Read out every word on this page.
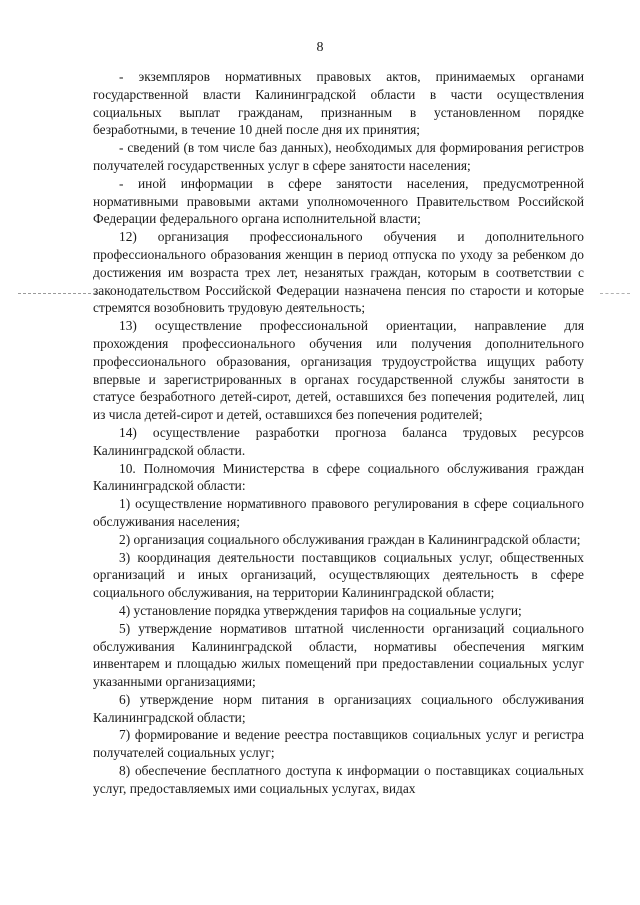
8

- экземпляров нормативных правовых актов, принимаемых органами государственной власти Калининградской области в части осуществления социальных выплат гражданам, признанным в установленном порядке безработными, в течение 10 дней после дня их принятия;

- сведений (в том числе баз данных), необходимых для формирования регистров получателей государственных услуг в сфере занятости населения;

- иной информации в сфере занятости населения, предусмотренной нормативными правовыми актами уполномоченного Правительством Российской Федерации федерального органа исполнительной власти;

12) организация профессионального обучения и дополнительного профессионального образования женщин в период отпуска по уходу за ребенком до достижения им возраста трех лет, незанятых граждан, которым в соответствии с законодательством Российской Федерации назначена пенсия по старости и которые стремятся возобновить трудовую деятельность;

13) осуществление профессиональной ориентации, направление для прохождения профессионального обучения или получения дополнительного профессионального образования, организация трудоустройства ищущих работу впервые и зарегистрированных в органах государственной службы занятости в статусе безработного детей-сирот, детей, оставшихся без попечения родителей, лиц из числа детей-сирот и детей, оставшихся без попечения родителей;

14) осуществление разработки прогноза баланса трудовых ресурсов Калининградской области.

10. Полномочия Министерства в сфере социального обслуживания граждан Калининградской области:

1) осуществление нормативного правового регулирования в сфере социального обслуживания населения;

2) организация социального обслуживания граждан в Калининградской области;

3) координация деятельности поставщиков социальных услуг, общественных организаций и иных организаций, осуществляющих деятельность в сфере социального обслуживания, на территории Калининградской области;

4) установление порядка утверждения тарифов на социальные услуги;

5) утверждение нормативов штатной численности организаций социального обслуживания Калининградской области, нормативы обеспечения мягким инвентарем и площадью жилых помещений при предоставлении социальных услуг указанными организациями;

6) утверждение норм питания в организациях социального обслуживания Калининградской области;

7) формирование и ведение реестра поставщиков социальных услуг и регистра получателей социальных услуг;

8) обеспечение бесплатного доступа к информации о поставщиках социальных услуг, предоставляемых ими социальных услугах, видах
